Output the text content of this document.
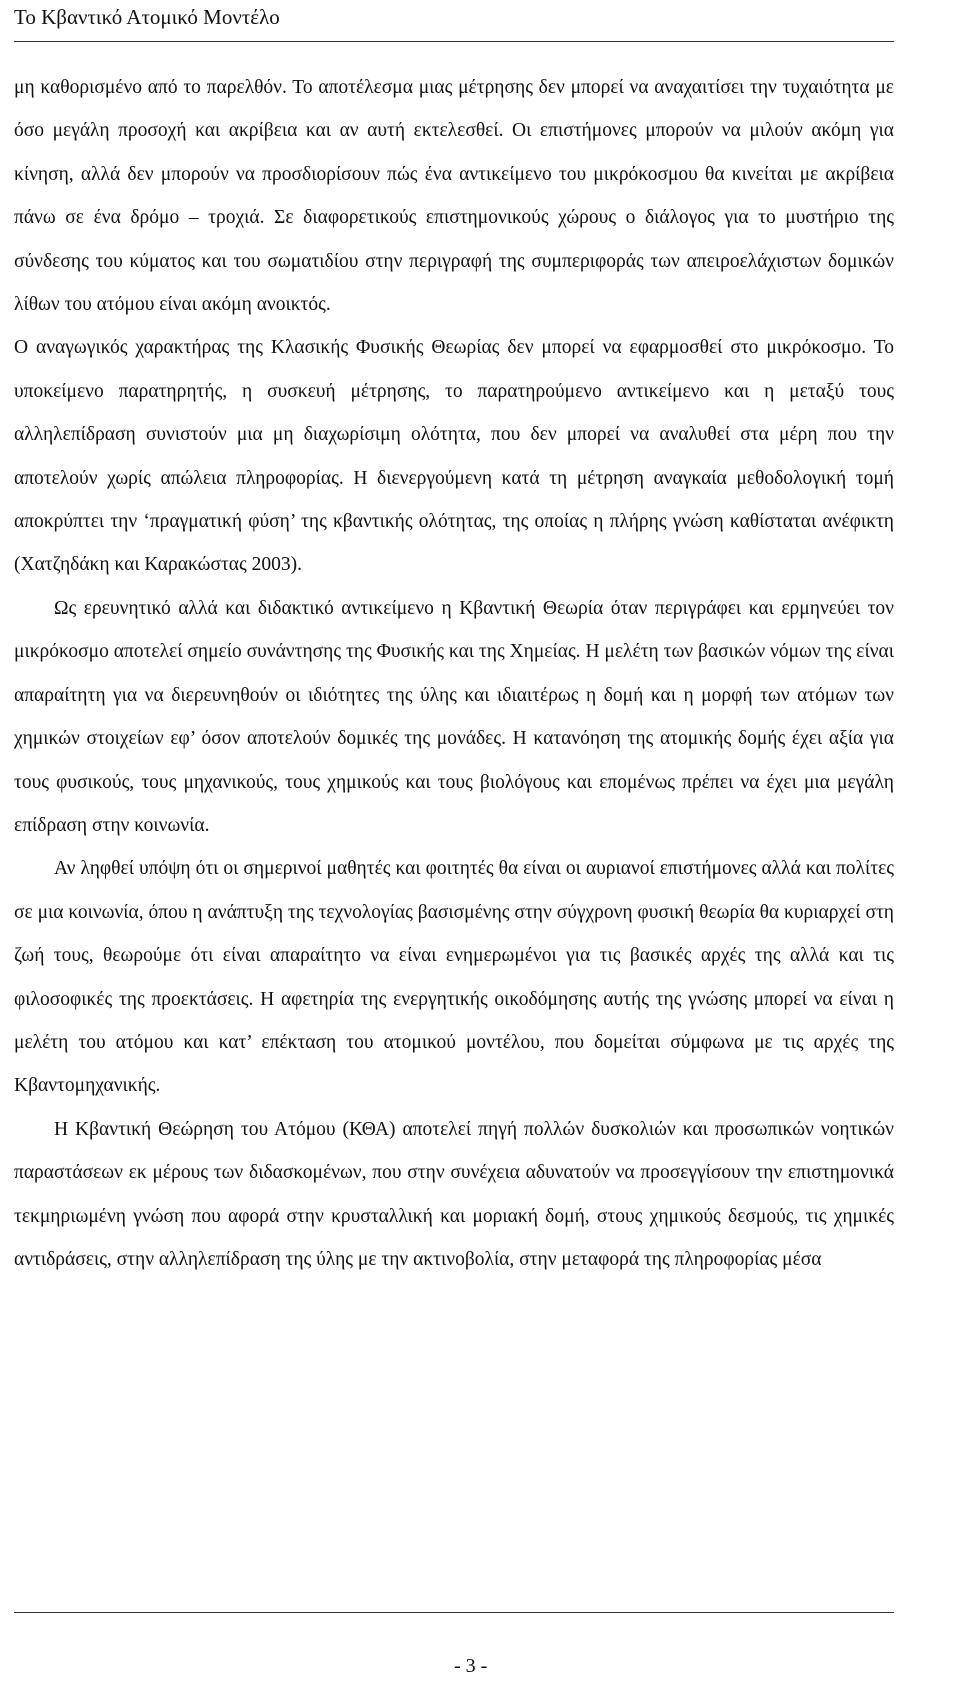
Το Κβαντικό Ατομικό Μοντέλο

μη καθορισμένο από το παρελθόν. Το αποτέλεσμα μιας μέτρησης δεν μπορεί να αναχαιτίσει την τυχαιότητα με όσο μεγάλη προσοχή και ακρίβεια και αν αυτή εκτελεσθεί. Οι επιστήμονες μπορούν να μιλούν ακόμη για κίνηση, αλλά δεν μπορούν να προσδιορίσουν πώς ένα αντικείμενο του μικρόκοσμου θα κινείται με ακρίβεια πάνω σε ένα δρόμο – τροχιά. Σε διαφορετικούς επιστημονικούς χώρους ο διάλογος για το μυστήριο της σύνδεσης του κύματος και του σωματιδίου στην περιγραφή της συμπεριφοράς των απειροελάχιστων δομικών λίθων του ατόμου είναι ακόμη ανοικτός.

Ο αναγωγικός χαρακτήρας της Κλασικής Φυσικής Θεωρίας δεν μπορεί να εφαρμοσθεί στο μικρόκοσμο. Το υποκείμενο παρατηρητής, η συσκευή μέτρησης, το παρατηρούμενο αντικείμενο και η μεταξύ τους αλληλεπίδραση συνιστούν μια μη διαχωρίσιμη ολότητα, που δεν μπορεί να αναλυθεί στα μέρη που την αποτελούν χωρίς απώλεια πληροφορίας. Η διενεργούμενη κατά τη μέτρηση αναγκαία μεθοδολογική τομή αποκρύπτει την ‘πραγματική φύση’ της κβαντικής ολότητας, της οποίας η πλήρης γνώση καθίσταται ανέφικτη (Χατζηδάκη και Καρακώστας 2003).

Ως ερευνητικό αλλά και διδακτικό αντικείμενο η Κβαντική Θεωρία όταν περιγράφει και ερμηνεύει τον μικρόκοσμο αποτελεί σημείο συνάντησης της Φυσικής και της Χημείας. Η μελέτη των βασικών νόμων της είναι απαραίτητη για να διερευνηθούν οι ιδιότητες της ύλης και ιδιαιτέρως η δομή και η μορφή των ατόμων των χημικών στοιχείων εφ’ όσον αποτελούν δομικές της μονάδες. Η κατανόηση της ατομικής δομής έχει αξία για τους φυσικούς, τους μηχανικούς, τους χημικούς και τους βιολόγους και επομένως πρέπει να έχει μια μεγάλη επίδραση στην κοινωνία.

Αν ληφθεί υπόψη ότι οι σημερινοί μαθητές και φοιτητές θα είναι οι αυριανοί επιστήμονες αλλά και πολίτες σε μια κοινωνία, όπου η ανάπτυξη της τεχνολογίας βασισμένης στην σύγχρονη φυσική θεωρία θα κυριαρχεί στη ζωή τους, θεωρούμε ότι είναι απαραίτητο να είναι ενημερωμένοι για τις βασικές αρχές της αλλά και τις φιλοσοφικές της προεκτάσεις. Η αφετηρία της ενεργητικής οικοδόμησης αυτής της γνώσης μπορεί να είναι η μελέτη του ατόμου και κατ’ επέκταση του ατομικού μοντέλου, που δομείται σύμφωνα με τις αρχές της Κβαντομηχανικής.

Η Κβαντική Θεώρηση του Ατόμου (ΚΘΑ) αποτελεί πηγή πολλών δυσκολιών και προσωπικών νοητικών παραστάσεων εκ μέρους των διδασκομένων, που στην συνέχεια αδυνατούν να προσεγγίσουν την επιστημονικά τεκμηριωμένη γνώση που αφορά στην κρυσταλλική και μοριακή δομή, στους χημικούς δεσμούς, τις χημικές αντιδράσεις, στην αλληλεπίδραση της ύλης με την ακτινοβολία, στην μεταφορά της πληροφορίας μέσα

- 3 -
